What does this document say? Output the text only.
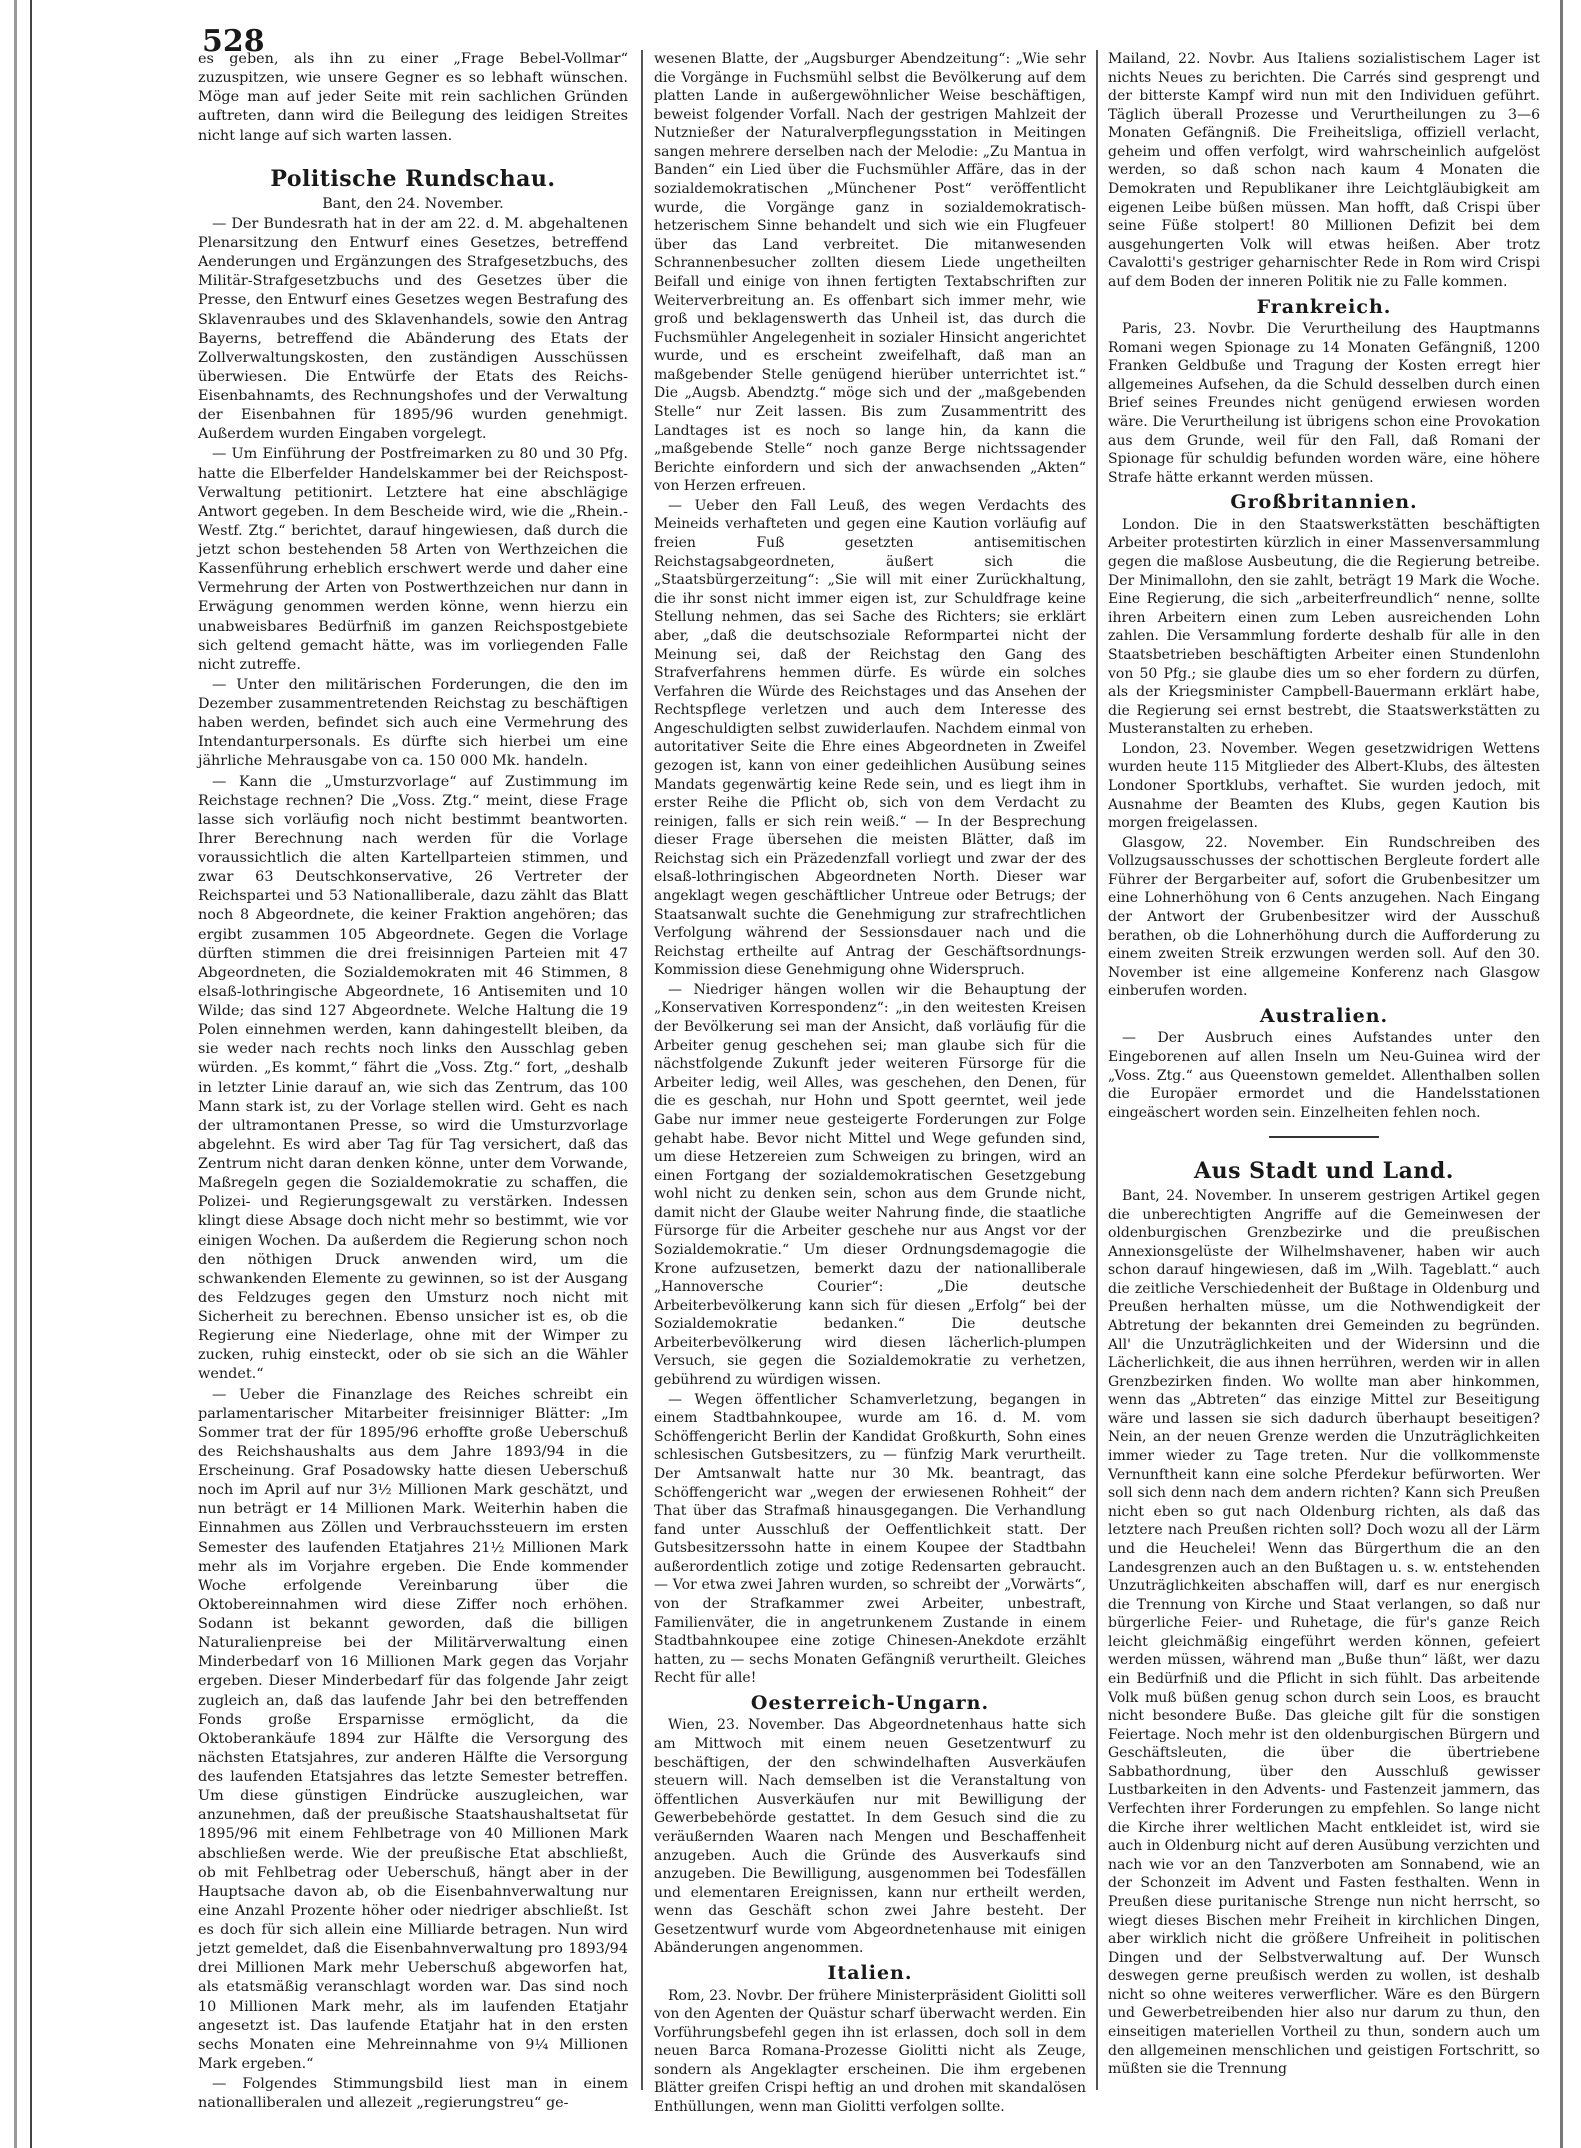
528

es geben, als ihn zu einer „Frage Bebel-Vollmar“ zuzuspitzen, wie unsere Gegner es so lebhaft wünschen. Möge man auf jeder Seite mit rein sachlichen Gründen auftreten, dann wird die Beilegung des leidigen Streites nicht lange auf sich warten lassen.

Politische Rundschau.

Bant, den 24. November.

— Der Bundesrath hat in der am 22. d. M. abgehaltenen Plenarsitzung den Entwurf eines Gesetzes, betreffend Aenderungen und Ergänzungen des Strafgesetzbuchs, des Militär-Strafgesetzbuchs und des Gesetzes über die Presse, den Entwurf eines Gesetzes wegen Bestrafung des Sklavenraubes und des Sklavenhandels, sowie den Antrag Bayerns, betreffend die Abänderung des Etats der Zollverwaltungskosten, den zuständigen Ausschüssen überwiesen. Die Entwürfe der Etats des Reichs-Eisenbahnamts, des Rechnungshofes und der Verwaltung der Eisenbahnen für 1895/96 wurden genehmigt. Außerdem wurden Eingaben vorgelegt.

— Um Einführung der Postfreimarken zu 80 und 30 Pfg. hatte die Elberfelder Handelskammer bei der Reichspost-Verwaltung petitionirt. Letztere hat eine abschlägige Antwort gegeben. In dem Bescheide wird, wie die „Rhein.-Westf. Ztg.“ berichtet, darauf hingewiesen, daß durch die jetzt schon bestehenden 58 Arten von Werthzeichen die Kassenführung erheblich erschwert werde und daher eine Vermehrung der Arten von Postwerthzeichen nur dann in Erwägung genommen werden könne, wenn hierzu ein unabweisbares Bedürfniß im ganzen Reichspostgebiete sich geltend gemacht hätte, was im vorliegenden Falle nicht zutreffe.

— Unter den militärischen Forderungen, die den im Dezember zusammentretenden Reichstag zu beschäftigen haben werden, befindet sich auch eine Vermehrung des Intendanturpersonals. Es dürfte sich hierbei um eine jährliche Mehrausgabe von ca. 150 000 Mk. handeln.

— Kann die „Umsturzvorlage“ auf Zustimmung im Reichstage rechnen? Die „Voss. Ztg.“ meint, diese Frage lasse sich vorläufig noch nicht bestimmt beantworten. Ihrer Berechnung nach werden für die Vorlage voraussichtlich die alten Kartellparteien stimmen, und zwar 63 Deutschkonservative, 26 Vertreter der Reichspartei und 53 Nationalliberale, dazu zählt das Blatt noch 8 Abgeordnete, die keiner Fraktion angehören; das ergibt zusammen 105 Abgeordnete. Gegen die Vorlage dürften stimmen die drei freisinnigen Parteien mit 47 Abgeordneten, die Sozialdemokraten mit 46 Stimmen, 8 elsaß-lothringische Abgeordnete, 16 Antisemiten und 10 Wilde; das sind 127 Abgeordnete. Welche Haltung die 19 Polen einnehmen werden, kann dahingestellt bleiben, da sie weder nach rechts noch links den Ausschlag geben würden. „Es kommt,“ fährt die „Voss. Ztg.“ fort, „deshalb in letzter Linie darauf an, wie sich das Zentrum, das 100 Mann stark ist, zu der Vorlage stellen wird. Geht es nach der ultramontanen Presse, so wird die Umsturzvorlage abgelehnt. Es wird aber Tag für Tag versichert, daß das Zentrum nicht daran denken könne, unter dem Vorwande, Maßregeln gegen die Sozialdemokratie zu schaffen, die Polizei- und Regierungsgewalt zu verstärken. Indessen klingt diese Absage doch nicht mehr so bestimmt, wie vor einigen Wochen. Da außerdem die Regierung schon noch den nöthigen Druck anwenden wird, um die schwankenden Elemente zu gewinnen, so ist der Ausgang des Feldzuges gegen den Umsturz noch nicht mit Sicherheit zu berechnen. Ebenso unsicher ist es, ob die Regierung eine Niederlage, ohne mit der Wimper zu zucken, ruhig einsteckt, oder ob sie sich an die Wähler wendet.“

— Ueber die Finanzlage des Reiches schreibt ein parlamentarischer Mitarbeiter freisinniger Blätter: „Im Sommer trat der für 1895/96 erhoffte große Ueberschuß des Reichshaushalts aus dem Jahre 1893/94 in die Erscheinung. Graf Posadowsky hatte diesen Ueberschuß noch im April auf nur 3½ Millionen Mark geschätzt, und nun beträgt er 14 Millionen Mark. Weiterhin haben die Einnahmen aus Zöllen und Verbrauchssteuern im ersten Semester des laufenden Etatjahres 21½ Millionen Mark mehr als im Vorjahre ergeben. Die Ende kommender Woche erfolgende Vereinbarung über die Oktobereinnahmen wird diese Ziffer noch erhöhen. Sodann ist bekannt geworden, daß die billigen Naturalienpreise bei der Militärverwaltung einen Minderbedarf von 16 Millionen Mark gegen das Vorjahr ergeben. Dieser Minderbedarf für das folgende Jahr zeigt zugleich an, daß das laufende Jahr bei den betreffenden Fonds große Ersparnisse ermöglicht, da die Oktoberankäufe 1894 zur Hälfte die Versorgung des nächsten Etatsjahres, zur anderen Hälfte die Versorgung des laufenden Etatsjahres das letzte Semester betreffen. Um diese günstigen Eindrücke auszugleichen, war anzunehmen, daß der preußische Staatshaushaltsetat für 1895/96 mit einem Fehlbetrage von 40 Millionen Mark abschließen werde. Wie der preußische Etat abschließt, ob mit Fehlbetrag oder Ueberschuß, hängt aber in der Hauptsache davon ab, ob die Eisenbahnverwaltung nur eine Anzahl Prozente höher oder niedriger abschließt. Ist es doch für sich allein eine Milliarde betragen. Nun wird jetzt gemeldet, daß die Eisenbahnverwaltung pro 1893/94 drei Millionen Mark mehr Ueberschuß abgeworfen hat, als etatsmäßig veranschlagt worden war. Das sind noch 10 Millionen Mark mehr, als im laufenden Etatjahr angesetzt ist. Das laufende Etatjahr hat in den ersten sechs Monaten eine Mehreinnahme von 9¼ Millionen Mark ergeben.“

— Folgendes Stimmungsbild liest man in einem nationalliberalen und allezeit „regierungstreu“ ge-

wesenen Blatte, der „Augsburger Abendzeitung“: „Wie sehr die Vorgänge in Fuchsmühl selbst die Bevölkerung auf dem platten Lande in außergewöhnlicher Weise beschäftigen, beweist folgender Vorfall. Nach der gestrigen Mahlzeit der Nutznießer der Naturalverpflegungsstation in Meitingen sangen mehrere derselben nach der Melodie: „Zu Mantua in Banden“ ein Lied über die Fuchsmühler Affäre, das in der sozialdemokratischen „Münchener Post“ veröffentlicht wurde, die Vorgänge ganz in sozialdemokratisch-hetzerischem Sinne behandelt und sich wie ein Flugfeuer über das Land verbreitet. Die mitanwesenden Schrannenbesucher zollten diesem Liede ungetheilten Beifall und einige von ihnen fertigten Textabschriften zur Weiterverbreitung an. Es offenbart sich immer mehr, wie groß und beklagenswerth das Unheil ist, das durch die Fuchsmühler Angelegenheit in sozialer Hinsicht angerichtet wurde, und es erscheint zweifelhaft, daß man an maßgebender Stelle genügend hierüber unterrichtet ist.“ Die „Augsb. Abendztg.“ möge sich und der „maßgebenden Stelle“ nur Zeit lassen. Bis zum Zusammentritt des Landtages ist es noch so lange hin, da kann die „maßgebende Stelle“ noch ganze Berge nichtssagender Berichte einfordern und sich der anwachsenden „Akten“ von Herzen erfreuen.

— Ueber den Fall Leuß, des wegen Verdachts des Meineids verhafteten und gegen eine Kaution vorläufig auf freien Fuß gesetzten antisemitischen Reichstagsabgeordneten, äußert sich die „Staatsbürgerzeitung“: „Sie will mit einer Zurückhaltung, die ihr sonst nicht immer eigen ist, zur Schuldfrage keine Stellung nehmen, das sei Sache des Richters; sie erklärt aber, „daß die deutschsoziale Reformpartei nicht der Meinung sei, daß der Reichstag den Gang des Strafverfahrens hemmen dürfe. Es würde ein solches Verfahren die Würde des Reichstages und das Ansehen der Rechtspflege verletzen und auch dem Interesse des Angeschuldigten selbst zuwiderlaufen. Nachdem einmal von autoritativer Seite die Ehre eines Abgeordneten in Zweifel gezogen ist, kann von einer gedeihlichen Ausübung seines Mandats gegenwärtig keine Rede sein, und es liegt ihm in erster Reihe die Pflicht ob, sich von dem Verdacht zu reinigen, falls er sich rein weiß.“ — In der Besprechung dieser Frage übersehen die meisten Blätter, daß im Reichstag sich ein Präzedenzfall vorliegt und zwar der des elsaß-lothringischen Abgeordneten North. Dieser war angeklagt wegen geschäftlicher Untreue oder Betrugs; der Staatsanwalt suchte die Genehmigung zur strafrechtlichen Verfolgung während der Sessionsdauer nach und die Reichstag ertheilte auf Antrag der Geschäftsordnungs-Kommission diese Genehmigung ohne Widerspruch.

— Niedriger hängen wollen wir die Behauptung der „Konservativen Korrespondenz“: „in den weitesten Kreisen der Bevölkerung sei man der Ansicht, daß vorläufig für die Arbeiter genug geschehen sei; man glaube sich für die nächstfolgende Zukunft jeder weiteren Fürsorge für die Arbeiter ledig, weil Alles, was geschehen, den Denen, für die es geschah, nur Hohn und Spott geerntet, weil jede Gabe nur immer neue gesteigerte Forderungen zur Folge gehabt habe. Bevor nicht Mittel und Wege gefunden sind, um diese Hetzereien zum Schweigen zu bringen, wird an einen Fortgang der sozialdemokratischen Gesetzgebung wohl nicht zu denken sein, schon aus dem Grunde nicht, damit nicht der Glaube weiter Nahrung finde, die staatliche Fürsorge für die Arbeiter geschehe nur aus Angst vor der Sozialdemokratie.“ Um dieser Ordnungsdemagogie die Krone aufzusetzen, bemerkt dazu der nationalliberale „Hannoversche Courier“: „Die deutsche Arbeiterbevölkerung kann sich für diesen „Erfolg“ bei der Sozialdemokratie bedanken.“ Die deutsche Arbeiterbevölkerung wird diesen lächerlich-plumpen Versuch, sie gegen die Sozialdemokratie zu verhetzen, gebührend zu würdigen wissen.

— Wegen öffentlicher Schamverletzung, begangen in einem Stadtbahnkoupee, wurde am 16. d. M. vom Schöffengericht Berlin der Kandidat Großkurth, Sohn eines schlesischen Gutsbesitzers, zu — fünfzig Mark verurtheilt. Der Amtsanwalt hatte nur 30 Mk. beantragt, das Schöffengericht war „wegen der erwiesenen Rohheit“ der That über das Strafmaß hinausgegangen. Die Verhandlung fand unter Ausschluß der Oeffentlichkeit statt. Der Gutsbesitzerssohn hatte in einem Koupee der Stadtbahn außerordentlich zotige und zotige Redensarten gebraucht. — Vor etwa zwei Jahren wurden, so schreibt der „Vorwärts“, von der Strafkammer zwei Arbeiter, unbestraft, Familienväter, die in angetrunkenem Zustande in einem Stadtbahnkoupee eine zotige Chinesen-Anekdote erzählt hatten, zu — sechs Monaten Gefängniß verurtheilt. Gleiches Recht für alle!

Oesterreich-Ungarn.

Wien, 23. November. Das Abgeordnetenhaus hatte sich am Mittwoch mit einem neuen Gesetzentwurf zu beschäftigen, der den schwindelhaften Ausverkäufen steuern will. Nach demselben ist die Veranstaltung von öffentlichen Ausverkäufen nur mit Bewilligung der Gewerbebehörde gestattet. In dem Gesuch sind die zu veräußernden Waaren nach Mengen und Beschaffenheit anzugeben. Auch die Gründe des Ausverkaufs sind anzugeben. Die Bewilligung, ausgenommen bei Todesfällen und elementaren Ereignissen, kann nur ertheilt werden, wenn das Geschäft schon zwei Jahre besteht. Der Gesetzentwurf wurde vom Abgeordnetenhause mit einigen Abänderungen angenommen.

Italien.

Rom, 23. Novbr. Der frühere Ministerpräsident Giolitti soll von den Agenten der Quästur scharf überwacht werden. Ein Vorführungsbefehl gegen ihn ist erlassen, doch soll in dem neuen Barca Romana-Prozesse Giolitti nicht als Zeuge, sondern als Angeklagter erscheinen. Die ihm ergebenen Blätter greifen Crispi heftig an und drohen mit skandalösen Enthüllungen, wenn man Giolitti verfolgen sollte.

Mailand, 22. Novbr. Aus Italiens sozialistischem Lager ist nichts Neues zu berichten. Die Carrés sind gesprengt und der bitterste Kampf wird nun mit den Individuen geführt. Täglich überall Prozesse und Verurtheilungen zu 3—6 Monaten Gefängniß. Die Freiheitsliga, offiziell verlacht, geheim und offen verfolgt, wird wahrscheinlich aufgelöst werden, so daß schon nach kaum 4 Monaten die Demokraten und Republikaner ihre Leichtgläubigkeit am eigenen Leibe büßen müssen. Man hofft, daß Crispi über seine Füße stolpert! 80 Millionen Defizit bei dem ausgehungerten Volk will etwas heißen. Aber trotz Cavalotti's gestriger geharnischter Rede in Rom wird Crispi auf dem Boden der inneren Politik nie zu Falle kommen.

Frankreich.

Paris, 23. Novbr. Die Verurtheilung des Hauptmanns Romani wegen Spionage zu 14 Monaten Gefängniß, 1200 Franken Geldbuße und Tragung der Kosten erregt hier allgemeines Aufsehen, da die Schuld desselben durch einen Brief seines Freundes nicht genügend erwiesen worden wäre. Die Verurtheilung ist übrigens schon eine Provokation aus dem Grunde, weil für den Fall, daß Romani der Spionage für schuldig befunden worden wäre, eine höhere Strafe hätte erkannt werden müssen.

Großbritannien.

London. Die in den Staatswerkstätten beschäftigten Arbeiter protestirten kürzlich in einer Massenversammlung gegen die maßlose Ausbeutung, die die Regierung betreibe. Der Minimallohn, den sie zahlt, beträgt 19 Mark die Woche. Eine Regierung, die sich „arbeiterfreundlich“ nenne, sollte ihren Arbeitern einen zum Leben ausreichenden Lohn zahlen. Die Versammlung forderte deshalb für alle in den Staatsbetrieben beschäftigten Arbeiter einen Stundenlohn von 50 Pfg.; sie glaube dies um so eher fordern zu dürfen, als der Kriegsminister Campbell-Bauermann erklärt habe, die Regierung sei ernst bestrebt, die Staatswerkstätten zu Musteranstalten zu erheben.

London, 23. November. Wegen gesetzwidrigen Wettens wurden heute 115 Mitglieder des Albert-Klubs, des ältesten Londoner Sportklubs, verhaftet. Sie wurden jedoch, mit Ausnahme der Beamten des Klubs, gegen Kaution bis morgen freigelassen.

Glasgow, 22. November. Ein Rundschreiben des Vollzugsausschusses der schottischen Bergleute fordert alle Führer der Bergarbeiter auf, sofort die Grubenbesitzer um eine Lohnerhöhung von 6 Cents anzugehen. Nach Eingang der Antwort der Grubenbesitzer wird der Ausschuß berathen, ob die Lohnerhöhung durch die Aufforderung zu einem zweiten Streik erzwungen werden soll. Auf den 30. November ist eine allgemeine Konferenz nach Glasgow einberufen worden.

Australien.

— Der Ausbruch eines Aufstandes unter den Eingeborenen auf allen Inseln um Neu-Guinea wird der „Voss. Ztg.“ aus Queenstown gemeldet. Allenthalben sollen die Europäer ermordet und die Handelsstationen eingeäschert worden sein. Einzelheiten fehlen noch.

Aus Stadt und Land.

Bant, 24. November. In unserem gestrigen Artikel gegen die unberechtigten Angriffe auf die Gemeinwesen der oldenburgischen Grenzbezirke und die preußischen Annexionsgelüste der Wilhelmshavener, haben wir auch schon darauf hingewiesen, daß im „Wilh. Tageblatt.“ auch die zeitliche Verschiedenheit der Bußtage in Oldenburg und Preußen herhalten müsse, um die Nothwendigkeit der Abtretung der bekannten drei Gemeinden zu begründen. All' die Unzuträglichkeiten und der Widersinn und die Lächerlichkeit, die aus ihnen herrühren, werden wir in allen Grenzbezirken finden. Wo wollte man aber hinkommen, wenn das „Abtreten“ das einzige Mittel zur Beseitigung wäre und lassen sie sich dadurch überhaupt beseitigen? Nein, an der neuen Grenze werden die Unzuträglichkeiten immer wieder zu Tage treten. Nur die vollkommenste Vernunftheit kann eine solche Pferdekur befürworten. Wer soll sich denn nach dem andern richten? Kann sich Preußen nicht eben so gut nach Oldenburg richten, als daß das letztere nach Preußen richten soll? Doch wozu all der Lärm und die Heuchelei! Wenn das Bürgerthum die an den Landesgrenzen auch an den Bußtagen u. s. w. entstehenden Unzuträglichkeiten abschaffen will, darf es nur energisch die Trennung von Kirche und Staat verlangen, so daß nur bürgerliche Feier- und Ruhetage, die für's ganze Reich leicht gleichmäßig eingeführt werden können, gefeiert werden müssen, während man „Buße thun“ läßt, wer dazu ein Bedürfniß und die Pflicht in sich fühlt. Das arbeitende Volk muß büßen genug schon durch sein Loos, es braucht nicht besondere Buße. Das gleiche gilt für die sonstigen Feiertage. Noch mehr ist den oldenburgischen Bürgern und Geschäftsleuten, die über die übertriebene Sabbathordnung, über den Ausschluß gewisser Lustbarkeiten in den Advents- und Fastenzeit jammern, das Verfechten ihrer Forderungen zu empfehlen. So lange nicht die Kirche ihrer weltlichen Macht entkleidet ist, wird sie auch in Oldenburg nicht auf deren Ausübung verzichten und nach wie vor an den Tanzverboten am Sonnabend, wie an der Schonzeit im Advent und Fasten festhalten. Wenn in Preußen diese puritanische Strenge nun nicht herrscht, so wiegt dieses Bischen mehr Freiheit in kirchlichen Dingen, aber wirklich nicht die größere Unfreiheit in politischen Dingen und der Selbstverwaltung auf. Der Wunsch deswegen gerne preußisch werden zu wollen, ist deshalb nicht so ohne weiteres verwerflicher. Wäre es den Bürgern und Gewerbetreibenden hier also nur darum zu thun, den einseitigen materiellen Vortheil zu thun, sondern auch um den allgemeinen menschlichen und geistigen Fortschritt, so müßten sie die Trennung
